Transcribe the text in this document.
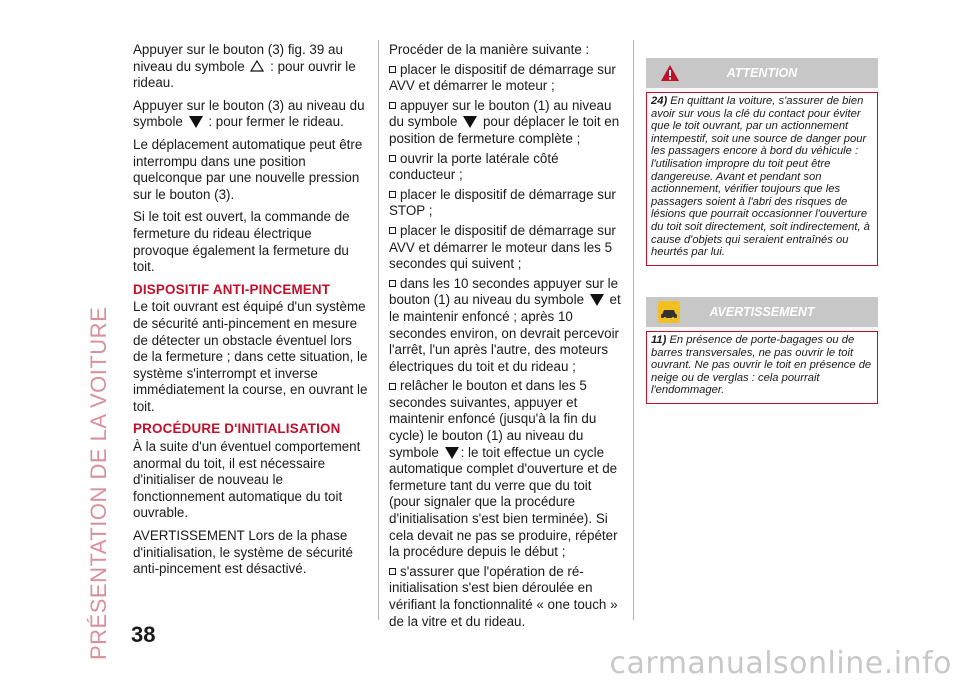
PRÉSENTATION DE LA VOITURE

Appuyer sur le bouton (3) fig. 39 au niveau du symbole : pour ouvrir le rideau.

Appuyer sur le bouton (3) au niveau du symbole : pour fermer le rideau.

Le déplacement automatique peut être interrompu dans une position quelconque par une nouvelle pression sur le bouton (3).

Si le toit est ouvert, la commande de fermeture du rideau électrique provoque également la fermeture du toit.

DISPOSITIF ANTI-PINCEMENT

Le toit ouvrant est équipé d'un système de sécurité anti-pincement en mesure de détecter un obstacle éventuel lors de la fermeture ; dans cette situation, le système s'interrompt et inverse immédiatement la course, en ouvrant le toit.

PROCÉDURE D'INITIALISATION

À la suite d'un éventuel comportement anormal du toit, il est nécessaire d'initialiser de nouveau le fonctionnement automatique du toit ouvrable.

AVERTISSEMENT Lors de la phase d'initialisation, le système de sécurité anti-pincement est désactivé.

Procéder de la manière suivante :

placer le dispositif de démarrage sur AVV et démarrer le moteur ;
appuyer sur le bouton (1) au niveau du symbole pour déplacer le toit en position de fermeture complète ;
ouvrir la porte latérale côté conducteur ;
placer le dispositif de démarrage sur STOP ;
placer le dispositif de démarrage sur AVV et démarrer le moteur dans les 5 secondes qui suivent ;
dans les 10 secondes appuyer sur le bouton (1) au niveau du symbole et le maintenir enfoncé ; après 10 secondes environ, on devrait percevoir l'arrêt, l'un après l'autre, des moteurs électriques du toit et du rideau ;
relâcher le bouton et dans les 5 secondes suivantes, appuyer et maintenir enfoncé (jusqu'à la fin du cycle) le bouton (1) au niveau du symbole : le toit effectue un cycle automatique complet d'ouverture et de fermeture tant du verre que du toit (pour signaler que la procédure d'initialisation s'est bien terminée). Si cela devait ne pas se produire, répéter la procédure depuis le début ;
s'assurer que l'opération de ré-initialisation s'est bien déroulée en vérifiant la fonctionnalité « one touch » de la vitre et du rideau.
ATTENTION
24) En quittant la voiture, s'assurer de bien avoir sur vous la clé du contact pour éviter que le toit ouvrant, par un actionnement intempestif, soit une source de danger pour les passagers encore à bord du véhicule : l'utilisation impropre du toit peut être dangereuse. Avant et pendant son actionnement, vérifier toujours que les passagers soient à l'abri des risques de lésions que pourrait occasionner l'ouverture du toit soit directement, soit indirectement, à cause d'objets qui seraient entraînés ou heurtés par lui.
AVERTISSEMENT
11) En présence de porte-bagages ou de barres transversales, ne pas ouvrir le toit ouvrant. Ne pas ouvrir le toit en présence de neige ou de verglas : cela pourrait l'endommager.
38
carmanualsonline.info
